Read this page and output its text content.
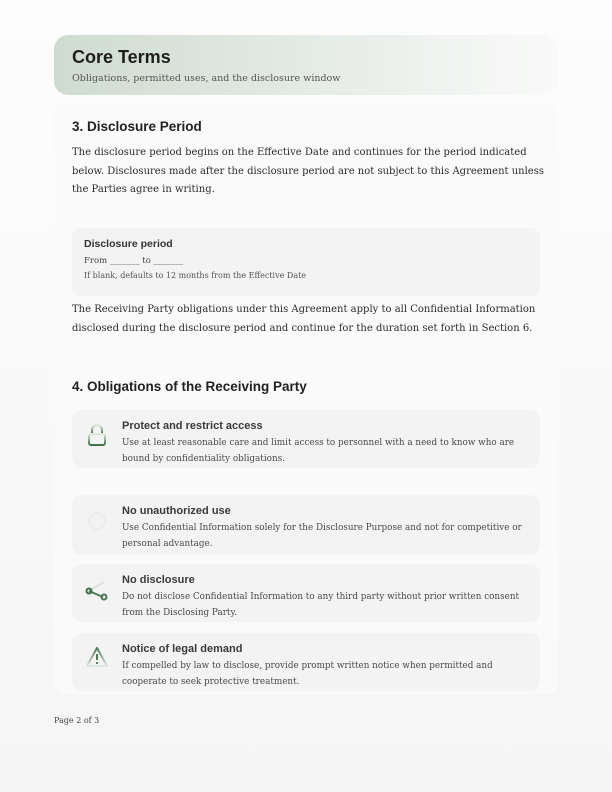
Core Terms
Obligations, permitted uses, and the disclosure window
3. Disclosure Period

The disclosure period begins on the Effective Date and continues for the period indicated below. Disclosures made after the disclosure period are not subject to this Agreement unless the Parties agree in writing.

Disclosure period
From _______ to _______
If blank, defaults to 12 months from the Effective Date

The Receiving Party obligations under this Agreement apply to all Confidential Information disclosed during the disclosure period and continue for the duration set forth in Section 6.

4. Obligations of the Receiving Party
Protect and restrict access
Use at least reasonable care and limit access to personnel with a need to know who are bound by confidentiality obligations.
No unauthorized use
Use Confidential Information solely for the Disclosure Purpose and not for competitive or personal advantage.
No disclosure
Do not disclose Confidential Information to any third party without prior written consent from the Disclosing Party.
Notice of legal demand
If compelled by law to disclose, provide prompt written notice when permitted and cooperate to seek protective treatment.
Page 2 of 3
